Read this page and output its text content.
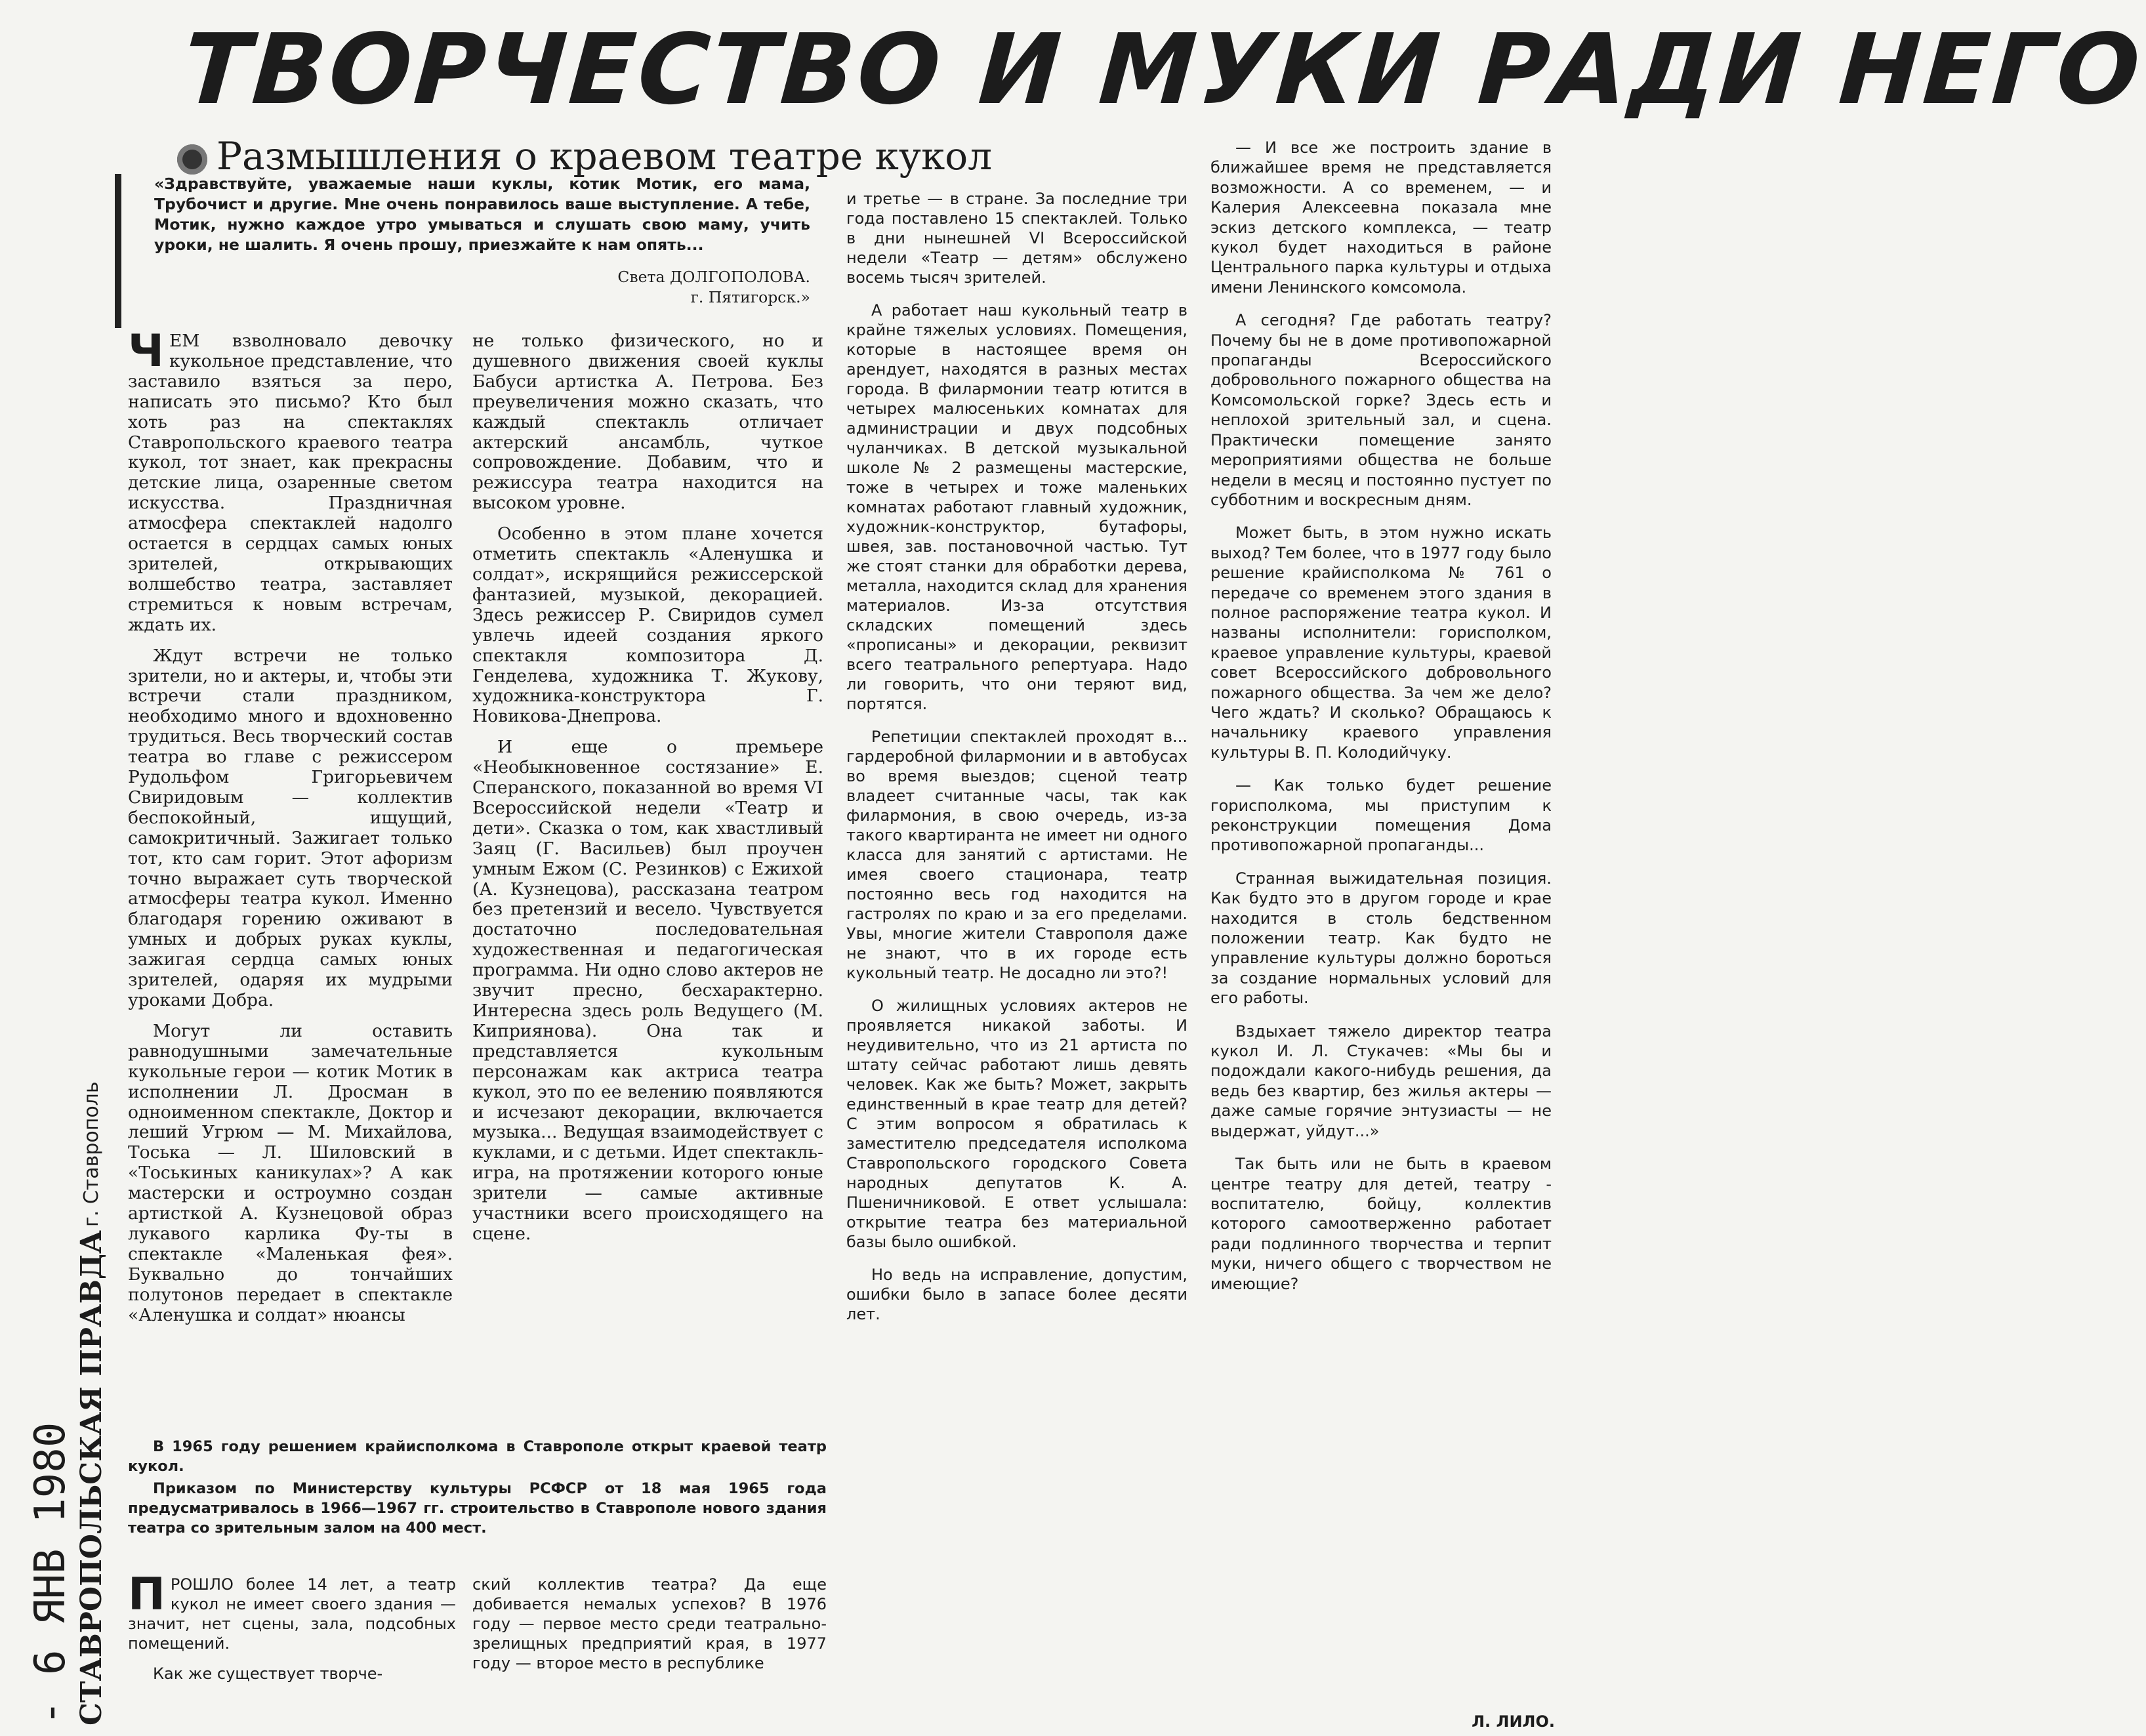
ТВОРЧЕСТВО И МУКИ РАДИ НЕГО
Размышления о краевом театре кукол
«Здравствуйте, уважаемые наши куклы, котик Мотик, его мама, Трубочист и другие. Мне очень понравилось ваше выступление. А тебе, Мотик, нужно каждое утро умываться и слушать свою маму, учить уроки, не шалить. Я очень прошу, приезжайте к нам опять...
Света ДОЛГОПОЛОВА.
г. Пятигорск.»

ЧЕМ взволновало девочку кукольное представление, что заставило взяться за перо, написать это письмо? Кто был хоть раз на спектаклях Ставропольского краевого театра кукол, тот знает, как прекрасны детские лица, озаренные светом искусства. Праздничная атмосфера спектаклей надолго остается в сердцах самых юных зрителей, открывающих волшебство театра, заставляет стремиться к новым встречам, ждать их.

Ждут встречи не только зрители, но и актеры, и, чтобы эти встречи стали праздником, необходимо много и вдохновенно трудиться. Весь творческий состав театра во главе с режиссером Рудольфом Григорьевичем Свиридовым — коллектив беспокойный, ищущий, самокритичный. Зажигает только тот, кто сам горит. Этот афоризм точно выражает суть творческой атмосферы театра кукол. Именно благодаря горению оживают в умных и добрых руках куклы, зажигая сердца самых юных зрителей, одаряя их мудрыми уроками Добра.

Могут ли оставить равнодушными замечательные кукольные герои — котик Мотик в исполнении Л. Дросман в одноименном спектакле, Доктор и леший Угрюм — М. Михайлова, Тоська — Л. Шиловский в «Тоськиных каникулах»? А как мастерски и остроумно создан артисткой А. Кузнецовой образ лукавого карлика Фу-ты в спектакле «Маленькая фея». Буквально до тончайших полутонов передает в спектакле «Аленушка и солдат» нюансы

не только физического, но и душевного движения своей куклы Бабуси артистка А. Петрова. Без преувеличения можно сказать, что каждый спектакль отличает актерский ансамбль, чуткое сопровождение. Добавим, что и режиссура театра находится на высоком уровне.

Особенно в этом плане хочется отметить спектакль «Аленушка и солдат», искрящийся режиссерской фантазией, музыкой, декорацией. Здесь режиссер Р. Свиридов сумел увлечь идеей создания яркого спектакля композитора Д. Генделева, художника Т. Жукову, художника-конструктора Г. Новикова-Днепрова.

И еще о премьере «Необыкновенное состязание» Е. Сперанского, показанной во время VI Всероссийской недели «Театр и дети». Сказка о том, как хвастливый Заяц (Г. Васильев) был проучен умным Ежом (С. Резинков) с Ежихой (А. Кузнецова), рассказана театром без претензий и весело. Чувствуется достаточно последовательная художественная и педагогическая программа. Ни одно слово актеров не звучит пресно, бесхарактерно. Интересна здесь роль Ведущего (М. Киприянова). Она так и представляется кукольным персонажам как актриса театра кукол, это по ее велению появляются и исчезают декорации, включается музыка... Ведущая взаимодействует с куклами, и с детьми. Идет спектакль-игра, на протяжении которого юные зрители — самые активные участники всего происходящего на сцене.

В 1965 году решением крайисполкома в Ставрополе открыт краевой театр кукол.

Приказом по Министерству культуры РСФСР от 18 мая 1965 года предусматривалось в 1966—1967 гг. строительство в Ставрополе нового здания театра со зрительным залом на 400 мест.

ПРОШЛО более 14 лет, а театр кукол не имеет своего здания — значит, нет сцены, зала, подсобных помещений.

Как же существует творче-

ский коллектив театра? Да еще добивается немалых успехов? В 1976 году — первое место среди театрально-зрелищных предприятий края, в 1977 году — второе место в республике

и третье — в стране. За последние три года поставлено 15 спектаклей. Только в дни нынешней VI Всероссийской недели «Театр — детям» обслужено восемь тысяч зрителей.

А работает наш кукольный театр в крайне тяжелых условиях. Помещения, которые в настоящее время он арендует, находятся в разных местах города. В филармонии театр ютится в четырех малюсеньких комнатах для администрации и двух подсобных чуланчиках. В детской музыкальной школе № 2 размещены мастерские, тоже в четырех и тоже маленьких комнатах работают главный художник, художник-конструктор, бутафоры, швея, зав. постановочной частью. Тут же стоят станки для обработки дерева, металла, находится склад для хранения материалов. Из-за отсутствия складских помещений здесь «прописаны» и декорации, реквизит всего театрального репертуара. Надо ли говорить, что они теряют вид, портятся.

Репетиции спектаклей проходят в... гардеробной филармонии и в автобусах во время выездов; сценой театр владеет считанные часы, так как филармония, в свою очередь, из-за такого квартиранта не имеет ни одного класса для занятий с артистами. Не имея своего стационара, театр постоянно весь год находится на гастролях по краю и за его пределами. Увы, многие жители Ставрополя даже не знают, что в их городе есть кукольный театр. Не досадно ли это?!

О жилищных условиях актеров не проявляется никакой заботы. И неудивительно, что из 21 артиста по штату сейчас работают лишь девять человек. Как же быть? Может, закрыть единственный в крае театр для детей? С этим вопросом я обратилась к заместителю председателя исполкома Ставропольского городского Совета народных депутатов К. А. Пшеничниковой. Е ответ услышала: открытие театра без материальной базы было ошибкой.

Но ведь на исправление, допустим, ошибки было в запасе более десяти лет.

— И все же построить здание в ближайшее время не представляется возможности. А со временем, — и Калерия Алексеевна показала мне эскиз детского комплекса, — театр кукол будет находиться в районе Центрального парка культуры и отдыха имени Ленинского комсомола.

А сегодня? Где работать театру? Почему бы не в доме противопожарной пропаганды Всероссийского добровольного пожарного общества на Комсомольской горке? Здесь есть и неплохой зрительный зал, и сцена. Практически помещение занято мероприятиями общества не больше недели в месяц и постоянно пустует по субботним и воскресным дням.

Может быть, в этом нужно искать выход? Тем более, что в 1977 году было решение крайисполкома № 761 о передаче со временем этого здания в полное распоряжение театра кукол. И названы исполнители: горисполком, краевое управление культуры, краевой совет Всероссийского добровольного пожарного общества. За чем же дело? Чего ждать? И сколько? Обращаюсь к начальнику краевого управления культуры В. П. Колодийчуку.

— Как только будет решение горисполкома, мы приступим к реконструкции помещения Дома противопожарной пропаганды...

Странная выжидательная позиция. Как будто это в другом городе и крае находится в столь бедственном положении театр. Как будто не управление культуры должно бороться за создание нормальных условий для его работы.

Вздыхает тяжело директор театра кукол И. Л. Стукачев: «Мы бы и подождали какого-нибудь решения, да ведь без квартир, без жилья актеры — даже самые горячие энтузиасты — не выдержат, уйдут...»

Так быть или не быть в краевом центре театру для детей, театру - воспитателю, бойцу, коллектив которого самоотверженно работает ради подлинного творчества и терпит муки, ничего общего с творчеством не имеющие?

Л. ЛИЛО.
- 6 ЯНВ 1980 СТАВРОПОЛЬСКАЯ ПРАВДА
г. Ставрополь
